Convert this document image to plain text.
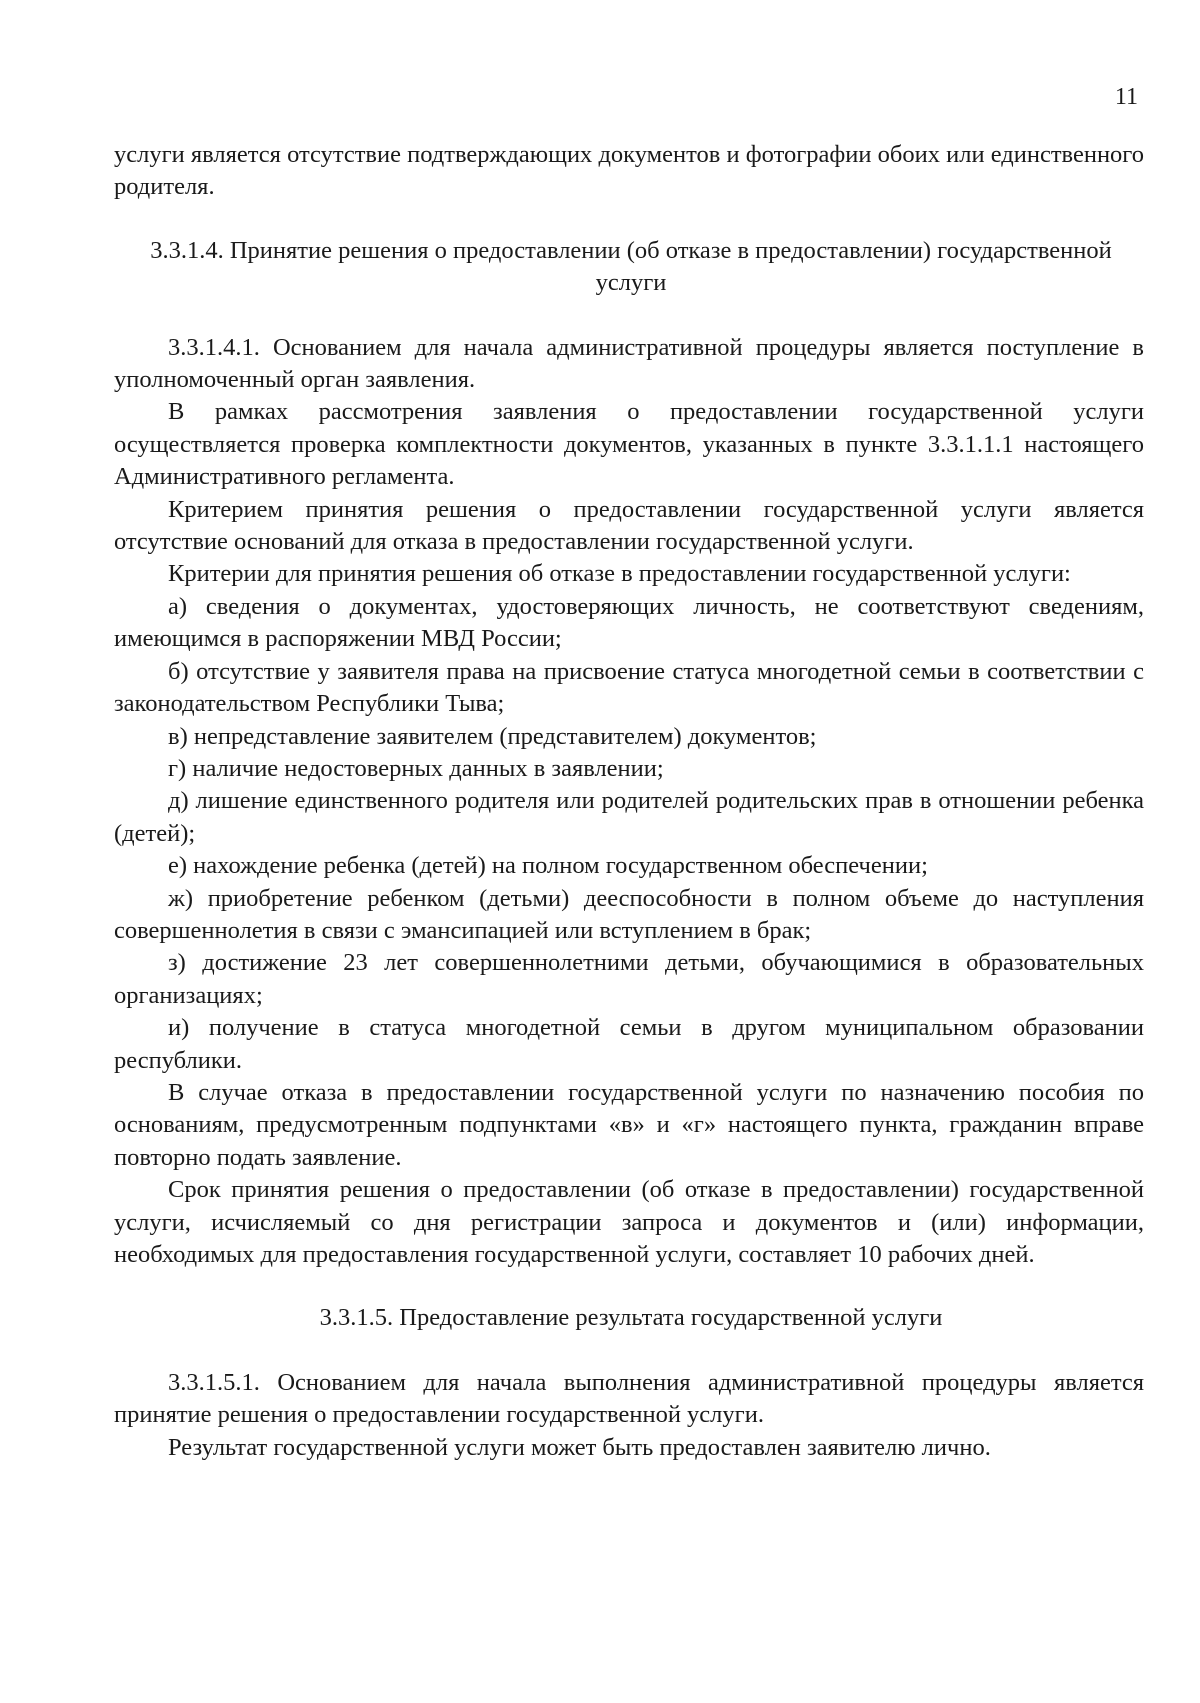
11

услуги является отсутствие подтверждающих документов и фотографии обоих или единственного родителя.

3.3.1.4. Принятие решения о предоставлении (об отказе в предоставлении) государственной услуги

3.3.1.4.1. Основанием для начала административной процедуры является поступление в уполномоченный орган заявления.

В рамках рассмотрения заявления о предоставлении государственной услуги осуществляется проверка комплектности документов, указанных в пункте 3.3.1.1.1 настоящего Административного регламента.

Критерием принятия решения о предоставлении государственной услуги является отсутствие оснований для отказа в предоставлении государственной услуги.

Критерии для принятия решения об отказе в предоставлении государственной услуги:

а) сведения о документах, удостоверяющих личность, не соответствуют сведениям, имеющимся в распоряжении МВД России;

б) отсутствие у заявителя права на присвоение статуса многодетной семьи в соответствии с законодательством Республики Тыва;

в) непредставление заявителем (представителем) документов;

г) наличие недостоверных данных в заявлении;

д) лишение единственного родителя или родителей родительских прав в отношении ребенка (детей);

е) нахождение ребенка (детей) на полном государственном обеспечении;

ж) приобретение ребенком (детьми) дееспособности в полном объеме до наступления совершеннолетия в связи с эмансипацией или вступлением в брак;

з) достижение 23 лет совершеннолетними детьми, обучающимися в образовательных организациях;

и) получение в статуса многодетной семьи в другом муниципальном образовании республики.

В случае отказа в предоставлении государственной услуги по назначению пособия по основаниям, предусмотренным подпунктами «в» и «г» настоящего пункта, гражданин вправе повторно подать заявление.

Срок принятия решения о предоставлении (об отказе в предоставлении) государственной услуги, исчисляемый со дня регистрации запроса и документов и (или) информации, необходимых для предоставления государственной услуги, составляет 10 рабочих дней.

3.3.1.5. Предоставление результата государственной услуги

3.3.1.5.1. Основанием для начала выполнения административной процедуры является принятие решения о предоставлении государственной услуги.

Результат государственной услуги может быть предоставлен заявителю лично.
